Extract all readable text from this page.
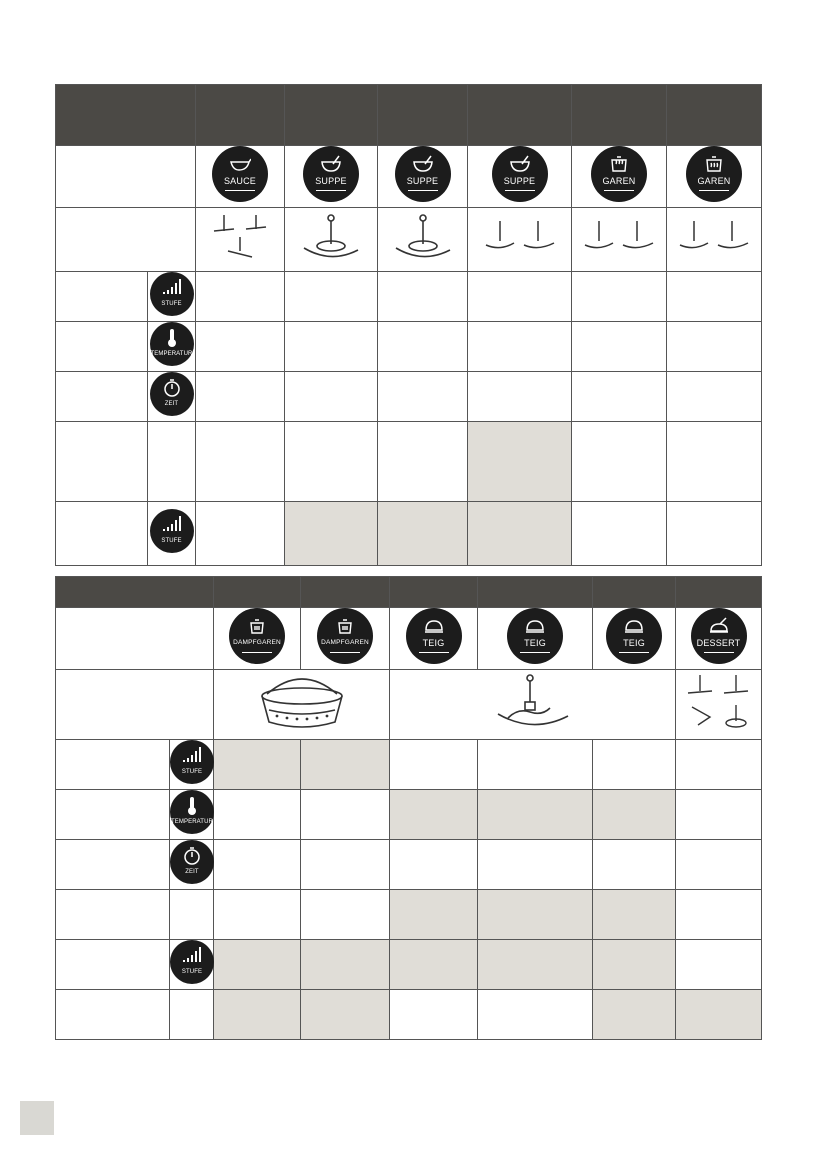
		SAUCE	SUPPE	SUPPE	SUPPE	GAREN	GAREN

	STUFE						

	TEMPERATUR						

	ZEIT						

	STUFE						

		DAMPFGAREN	DAMPFGAREN	TEIG	TEIG	TEIG	DESSERT

	STUFE						

	TEMPERATUR						

	ZEIT						

	STUFE						
